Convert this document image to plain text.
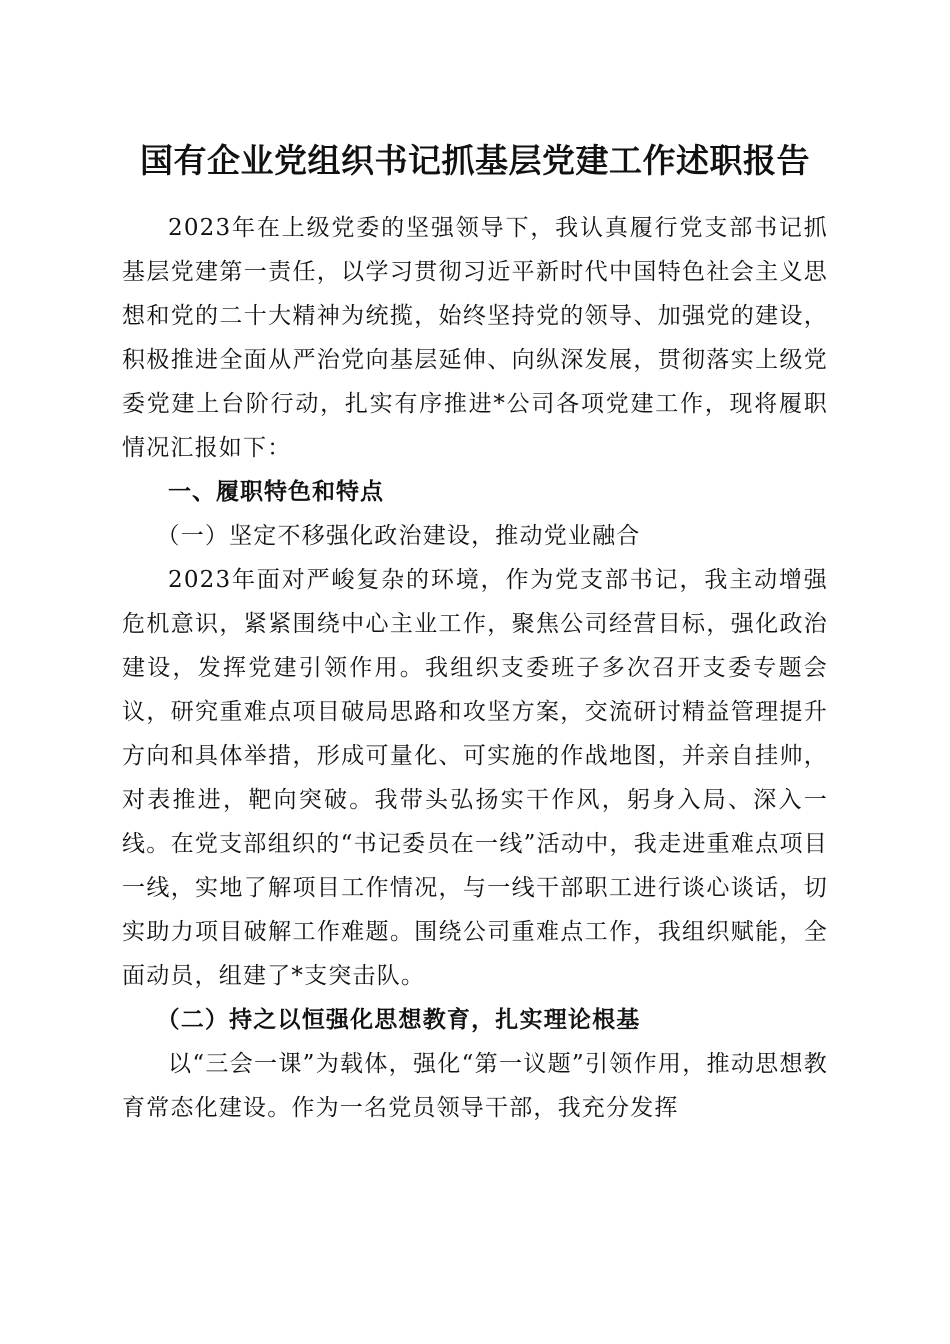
国有企业党组织书记抓基层党建工作述职报告

2023年在上级党委的坚强领导下，我认真履行党支部书记抓基层党建第一责任，以学习贯彻习近平新时代中国特色社会主义思想和党的二十大精神为统揽，始终坚持党的领导、加强党的建设，积极推进全面从严治党向基层延伸、向纵深发展，贯彻落实上级党委党建上台阶行动，扎实有序推进*公司各项党建工作，现将履职情况汇报如下：

一、履职特色和特点

（一）坚定不移强化政治建设，推动党业融合

2023年面对严峻复杂的环境，作为党支部书记，我主动增强危机意识，紧紧围绕中心主业工作，聚焦公司经营目标，强化政治建设，发挥党建引领作用。我组织支委班子多次召开支委专题会议，研究重难点项目破局思路和攻坚方案，交流研讨精益管理提升方向和具体举措，形成可量化、可实施的作战地图，并亲自挂帅，对表推进，靶向突破。我带头弘扬实干作风，躬身入局、深入一线。在党支部组织的“书记委员在一线”活动中，我走进重难点项目一线，实地了解项目工作情况，与一线干部职工进行谈心谈话，切实助力项目破解工作难题。围绕公司重难点工作，我组织赋能，全面动员，组建了*支突击队。

（二）持之以恒强化思想教育，扎实理论根基

以“三会一课”为载体，强化“第一议题”引领作用，推动思想教育常态化建设。作为一名党员领导干部，我充分发挥
